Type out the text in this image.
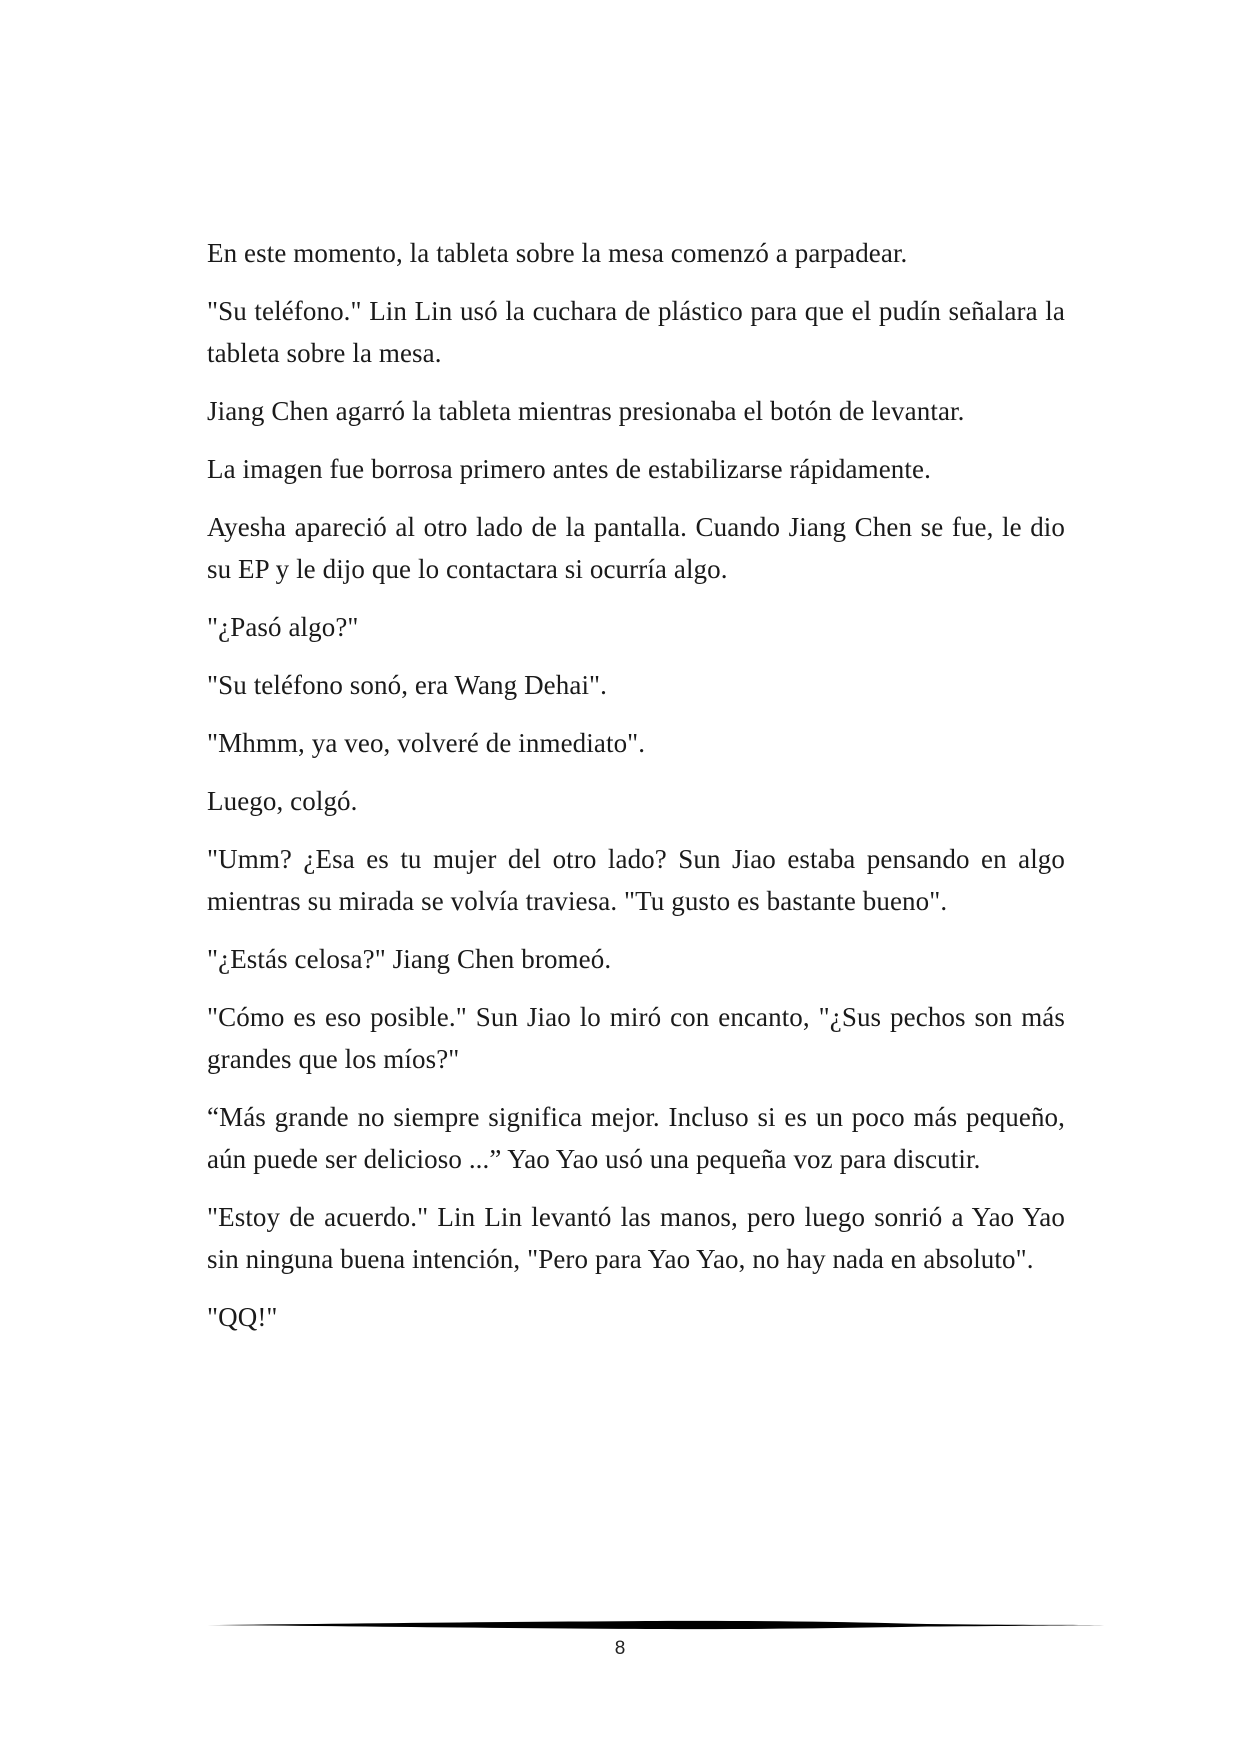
En este momento, la tableta sobre la mesa comenzó a parpadear.

"Su teléfono." Lin Lin usó la cuchara de plástico para que el pudín señalara la tableta sobre la mesa.

Jiang Chen agarró la tableta mientras presionaba el botón de levantar.

La imagen fue borrosa primero antes de estabilizarse rápidamente.

Ayesha apareció al otro lado de la pantalla. Cuando Jiang Chen se fue, le dio su EP y le dijo que lo contactara si ocurría algo.

"¿Pasó algo?"

"Su teléfono sonó, era Wang Dehai".

"Mhmm, ya veo, volveré de inmediato".

Luego, colgó.

"Umm? ¿Esa es tu mujer del otro lado? Sun Jiao estaba pensando en algo mientras su mirada se volvía traviesa. "Tu gusto es bastante bueno".

"¿Estás celosa?" Jiang Chen bromeó.

"Cómo es eso posible." Sun Jiao lo miró con encanto, "¿Sus pechos son más grandes que los míos?"

“Más grande no siempre significa mejor. Incluso si es un poco más pequeño, aún puede ser delicioso ...” Yao Yao usó una pequeña voz para discutir.

"Estoy de acuerdo." Lin Lin levantó las manos, pero luego sonrió a Yao Yao sin ninguna buena intención, "Pero para Yao Yao, no hay nada en absoluto".

"QQ!"

8
